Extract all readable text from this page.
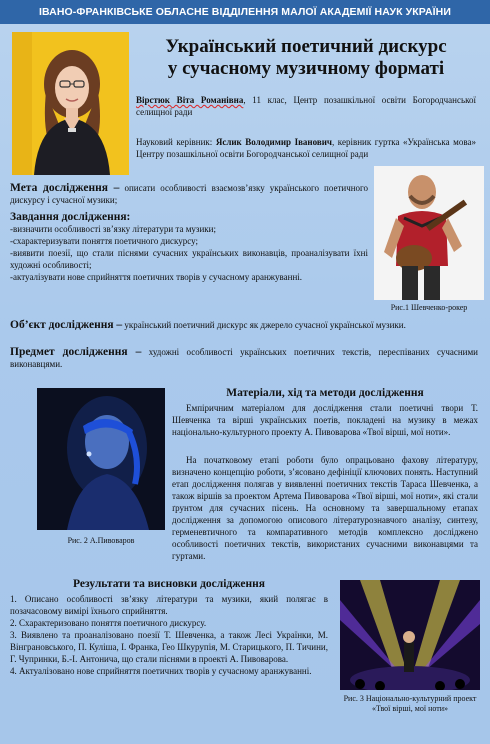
ІВАНО-ФРАНКІВСЬКЕ ОБЛАСНЕ ВІДДІЛЕННЯ МАЛОЇ АКАДЕМІЇ НАУК УКРАЇНИ
Український поетичний дискурс
у сучасному музичному форматі
Вірстюк Віта Романівна, 11 клас, Центр позашкільної освіти Богородчанської селищної ради
Науковий керівник: Яслик Володимир Іванович, керівник гуртка «Українська мова» Центру позашкільної освіти Богородчанської селищної ради
Рис.1 Шевченко-рокер
Мета дослідження – описати особливості взаємозв’язку українського поетичного дискурсу і сучасної музики;
Завдання дослідження:
-визначити особливості зв’язку літератури та музики;
-схарактеризувати поняття поетичного дискурсу;
-виявити поезії, що стали піснями сучасних українських виконавців, проаналізувати їхні художні особливості;
-актуалізувати нове сприйняття поетичних творів у сучасному аранжуванні.
Об’єкт дослідження – український поетичний дискурс як джерело сучасної української музики.
Предмет дослідження – художні особливості українських поетичних текстів, переспіваних сучасними виконавцями.
Рис. 2 А.Пивоваров
Матеріали, хід та методи дослідження
Емпіричним матеріалом для дослідження стали поетичні твори Т. Шевченка та вірші українських поетів, покладені на музику в межах національно-культурного проекту А. Пивоварова «Твої вірші, мої ноти».
На початковому етапі роботи було опрацьовано фахову літературу, визначено концепцію роботи, з’ясовано дефініції ключових понять. Наступний етап дослідження полягав у виявленні поетичних текстів Тараса Шевченка, а також віршів за проектом Артема Пивоварова «Твої вірші, мої ноти», які стали ґрунтом для сучасних пісень. На основному та завершальному етапах дослідження за допомогою описового літературознавчого аналізу, синтезу, герменевтичного та компаративного методів комплексно досліджено особливості поетичних текстів, використаних сучасними виконавцями та гуртами.
Результати та висновки дослідження
1. Описано особливості зв’язку літератури та музики, який полягає в позачасовому вимірі їхнього сприйняття.
2. Схарактеризовано поняття поетичного дискурсу.
3. Виявлено та проаналізовано поезії Т. Шевченка, а також Лесі Українки, М. Вінграновського, П. Куліша, І. Франка, Гео Шкурупія, М. Старицького, П. Тичини, Г. Чупринки, Б.-І. Антонича, що стали піснями в проекті А. Пивоварова.
4. Актуалізовано нове сприйняття поетичних творів у сучасному аранжуванні.
Рис. 3 Національно-культурний проект «Твої вірші, мої ноти»
